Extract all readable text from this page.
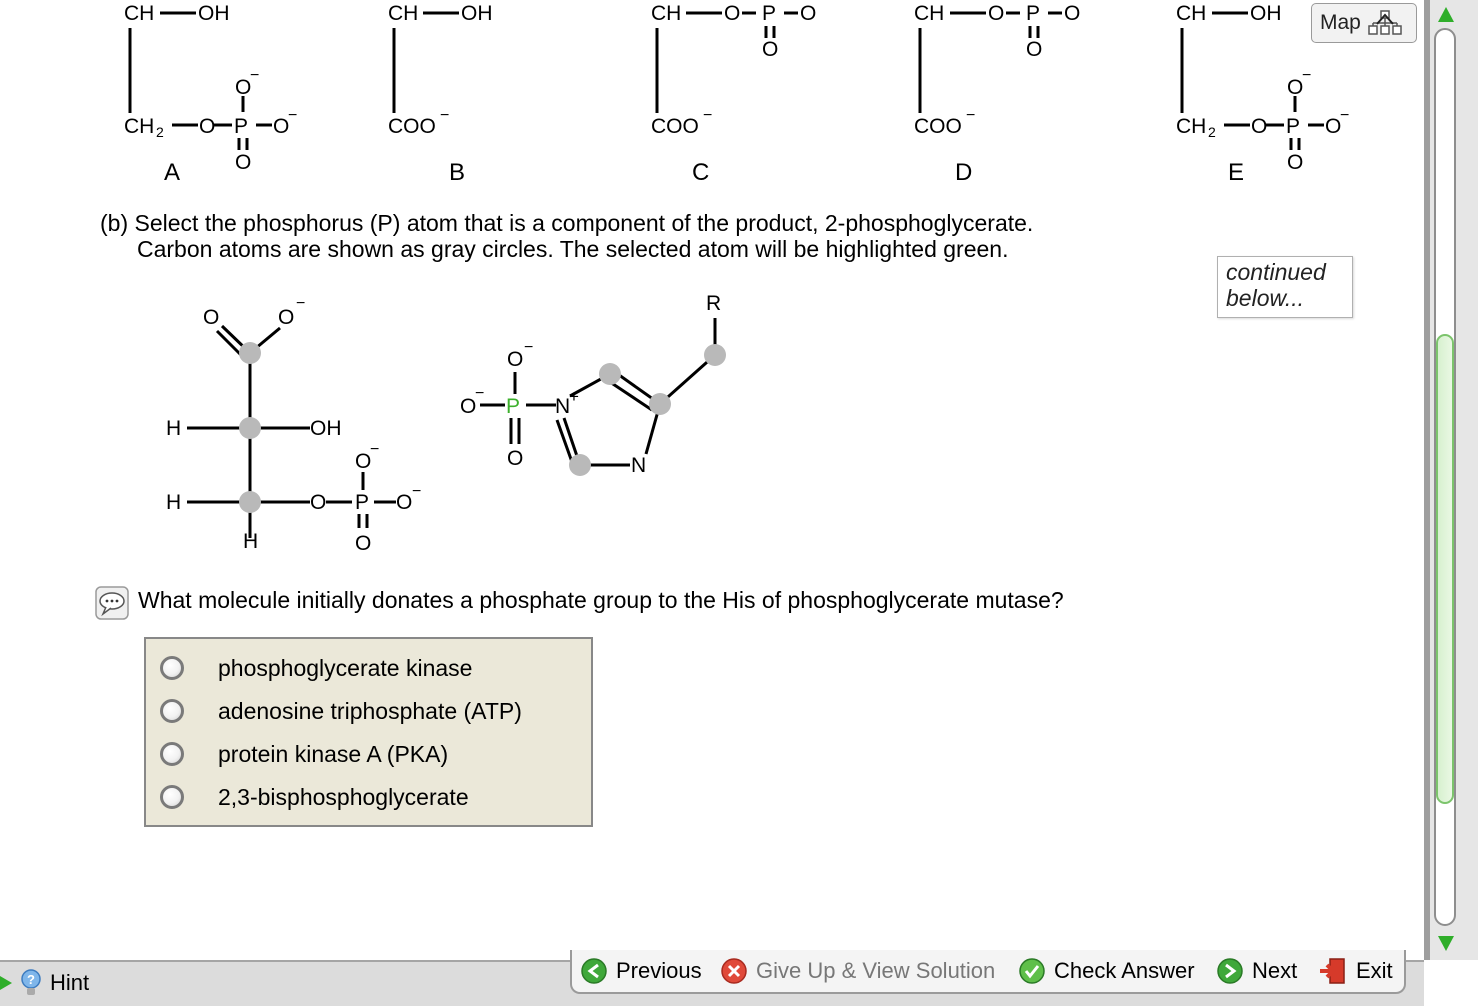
CH OH
CH 2 O P O
−
O
−
O
A
CH OH
COO −
B
CH O P O
O
COO −
C
CH O P O
O
COO −
D
CH OH
CH 2 O P O
−
O
−
O
E
Map
(b) Select the phosphorus (P) atom that is a component of the product, 2-phosphoglycerate.
Carbon atoms are shown as gray circles. The selected atom will be highlighted green.
continued
below...
O	O
−
H	OH
H
H
O P O −
O
−
O
O
−
P
O
−
O
N
+
N
R
What molecule initially donates a phosphate group to the His of phosphoglycerate mutase?
phosphoglycerate kinase
adenosine triphosphate (ATP)
protein kinase A (PKA)
2,3-bisphosphoglycerate
? Hint	Previous Give Up & View Solution	Check Answer	Next	Exit
